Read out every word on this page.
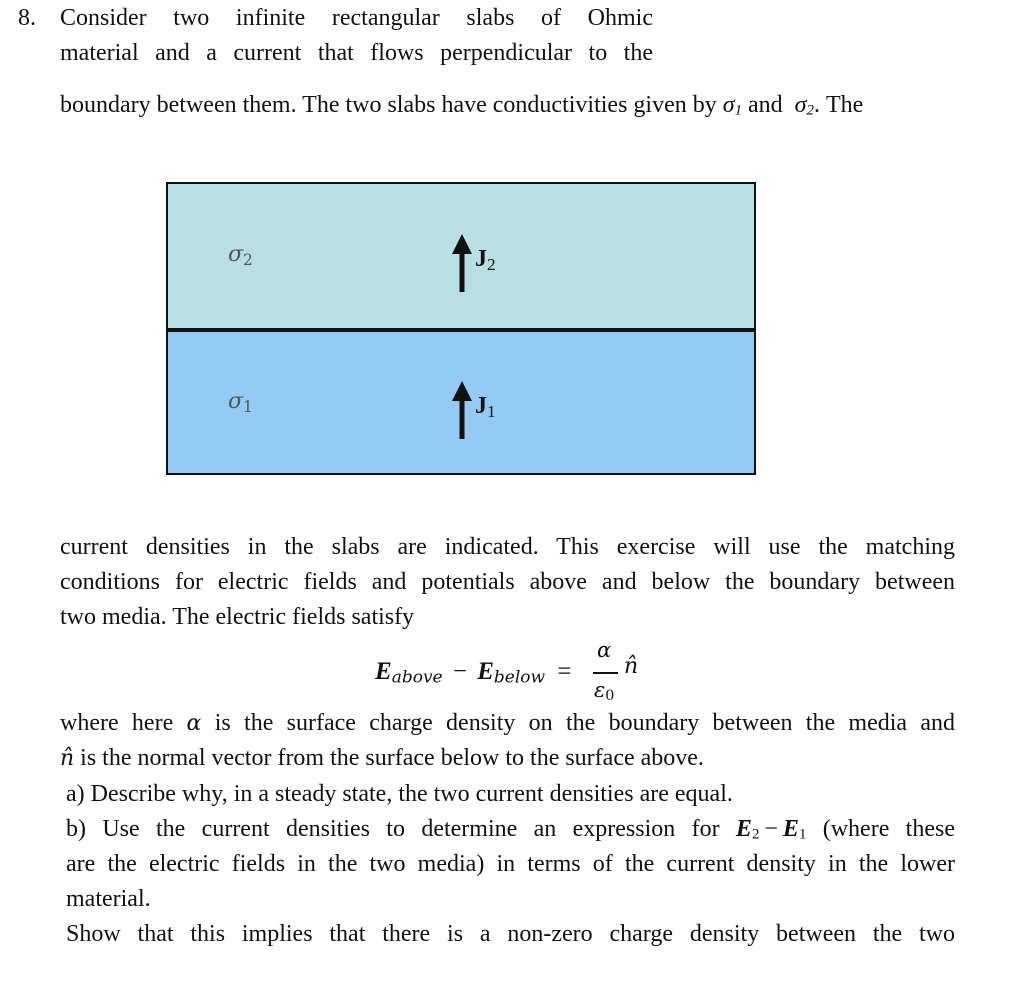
8. Consider two infinite rectangular slabs of Ohmic
material and a current that flows perpendicular to the
boundary between them. The two slabs have conductivities given by $\sigma_1$ and $\sigma_2$. The
$\sigma_2$	$J_2$
$\sigma_1$	$J_1$
current densities in the slabs are indicated. This exercise will use the matching
conditions for electric fields and potentials above and below the boundary between
two media. The electric fields satisfy
$E_{above} - E_{below}$ =
α
$\varepsilon_0$
n̂
where here α is the surface charge density on the boundary between the media and
n̂ is the normal vector from the surface below to the surface above.
a) Describe why, in a steady state, the two current densities are equal.
b) Use the current densities to determine an expression for $E_2 - E_1$ (where these
are the electric fields in the two media) in terms of the current density in the lower
material.
Show that this implies that there is a non-zero charge density between the two
